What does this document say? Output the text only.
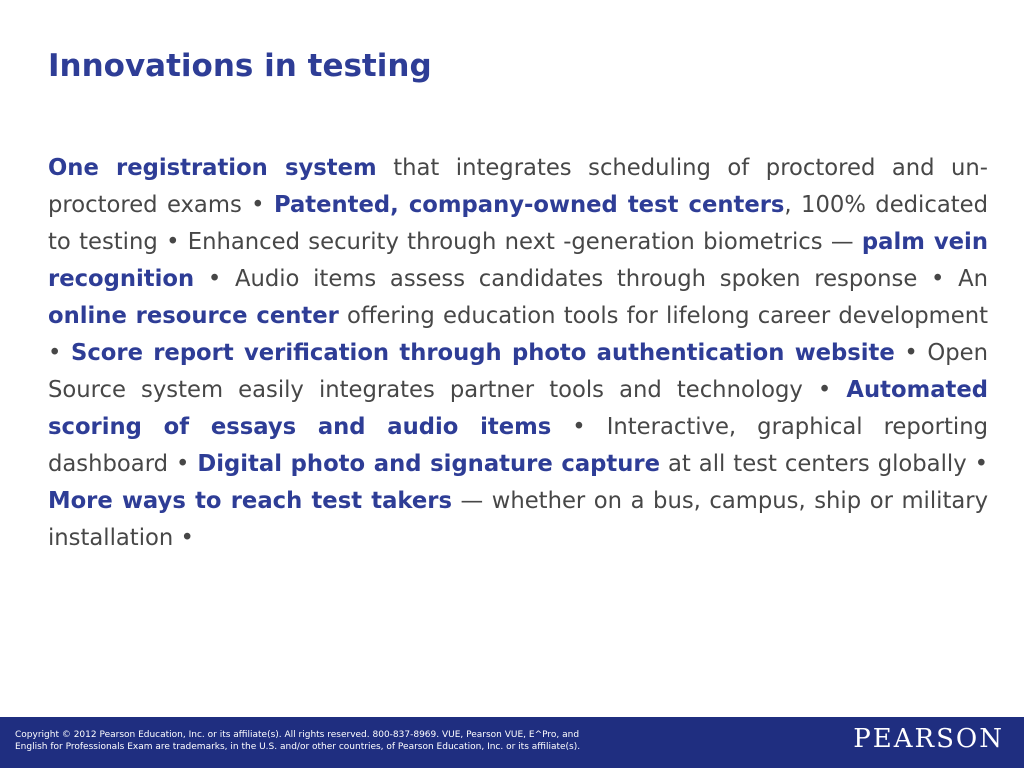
Innovations in testing

One registration system that integrates scheduling of proctored and un-proctored exams • Patented, company-owned test centers, 100% dedicated to testing • Enhanced security through next -generation biometrics — palm vein recognition • Audio items assess candidates through spoken response • An online resource center offering education tools for lifelong career development • Score report verification through photo authentication website • Open Source system easily integrates partner tools and technology • Automated scoring of essays and audio items • Interactive, graphical reporting dashboard • Digital photo and signature capture at all test centers globally • More ways to reach test takers — whether on a bus, campus, ship or military installation •

Copyright © 2012 Pearson Education, Inc. or its affiliate(s). All rights reserved. 800-837-8969. VUE, Pearson VUE, E^Pro, and
English for Professionals Exam are trademarks, in the U.S. and/or other countries, of Pearson Education, Inc. or its affiliate(s).	PEARSON
